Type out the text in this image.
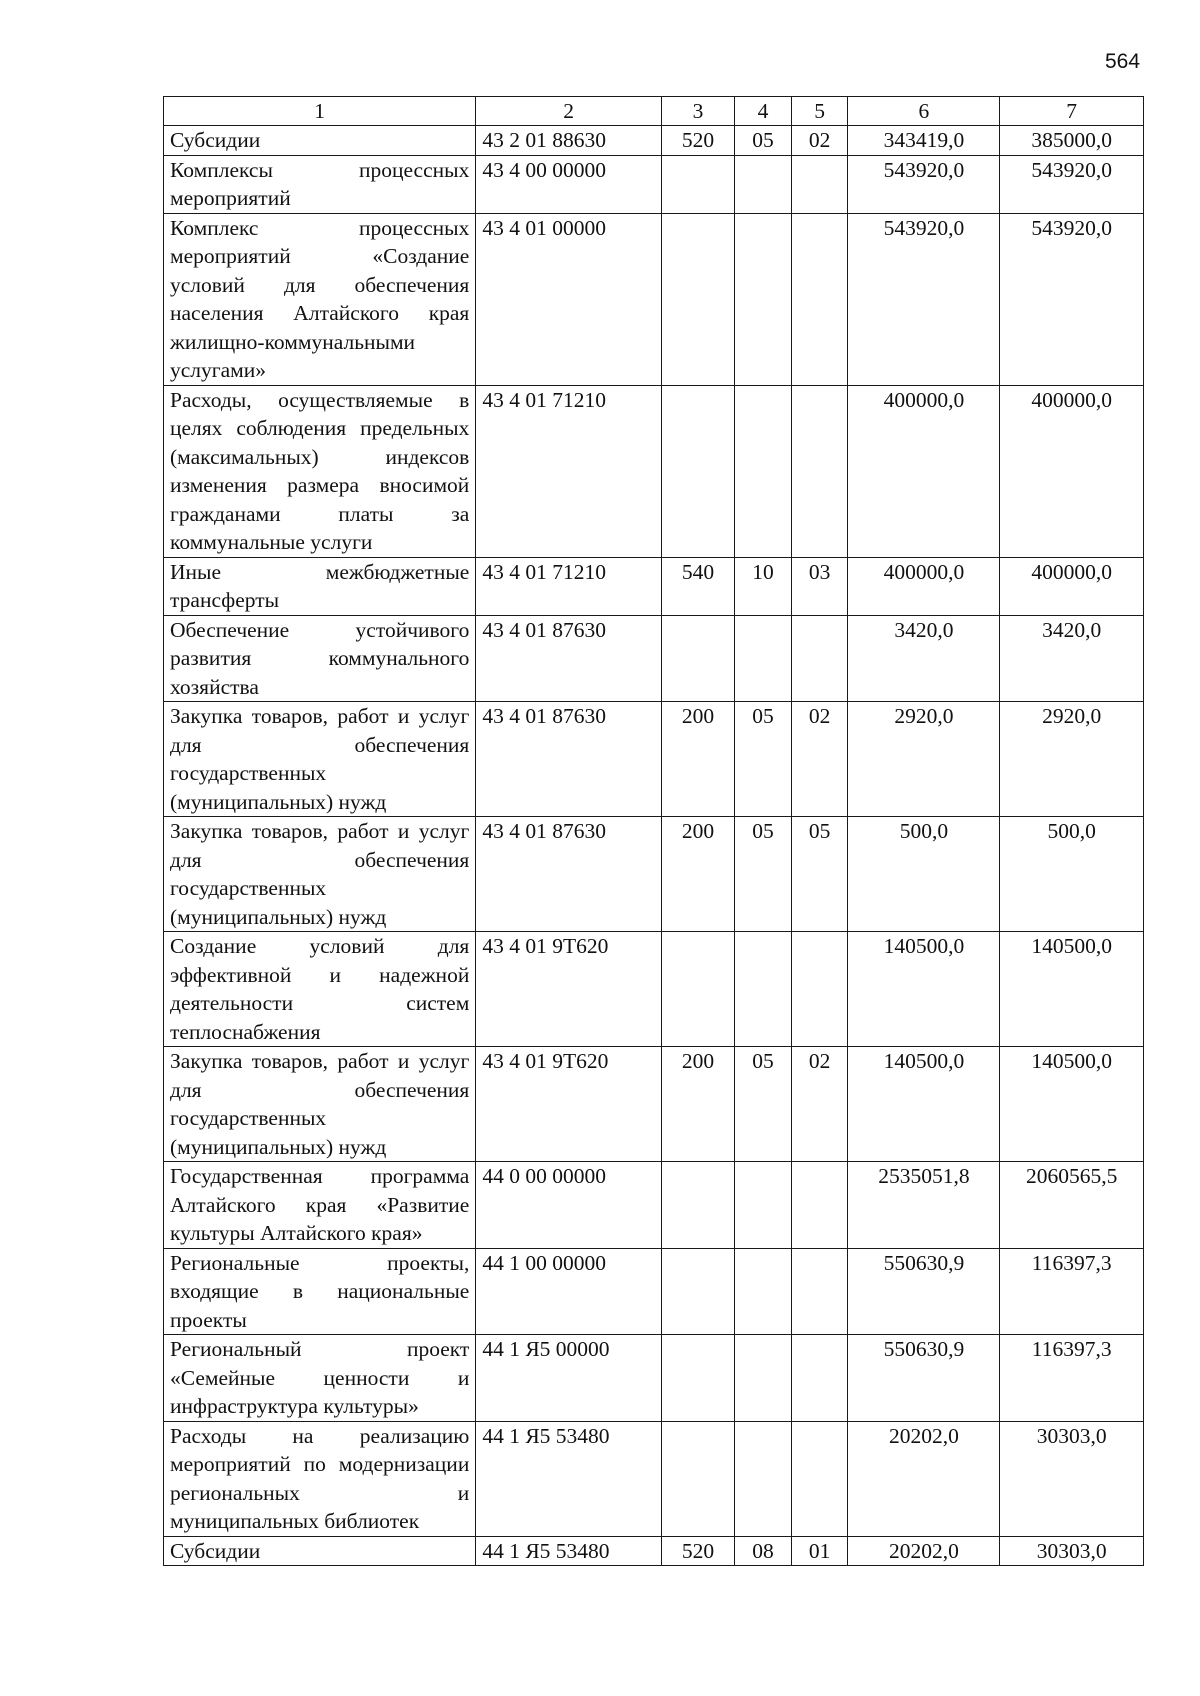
564
1	2	3	4	5	6	7
Субсидии	43 2 01 88630	520	05	02	343419,0	385000,0
Комплексы процессных мероприятий	43 4 00 00000				543920,0	543920,0
Комплекс процессных мероприятий «Создание условий для обеспечения населения Алтайского края жилищно-коммунальными услугами»	43 4 01 00000				543920,0	543920,0
Расходы, осуществляемые в целях соблюдения предельных (максимальных) индексов изменения размера вносимой гражданами платы за коммунальные услуги	43 4 01 71210				400000,0	400000,0
Иные межбюджетные трансферты	43 4 01 71210	540	10	03	400000,0	400000,0
Обеспечение устойчивого развития коммунального хозяйства	43 4 01 87630				3420,0	3420,0
Закупка товаров, работ и услуг для обеспечения государственных (муниципальных) нужд	43 4 01 87630	200	05	02	2920,0	2920,0
Закупка товаров, работ и услуг для обеспечения государственных (муниципальных) нужд	43 4 01 87630	200	05	05	500,0	500,0
Создание условий для эффективной и надежной деятельности систем теплоснабжения	43 4 01 9Т620				140500,0	140500,0
Закупка товаров, работ и услуг для обеспечения государственных (муниципальных) нужд	43 4 01 9Т620	200	05	02	140500,0	140500,0
Государственная программа Алтайского края «Развитие культуры Алтайского края»	44 0 00 00000				2535051,8	2060565,5
Региональные проекты, входящие в национальные проекты	44 1 00 00000				550630,9	116397,3
Региональный проект «Семейные ценности и инфраструктура культуры»	44 1 Я5 00000				550630,9	116397,3
Расходы на реализацию мероприятий по модернизации региональных и муниципальных библиотек	44 1 Я5 53480				20202,0	30303,0
Субсидии	44 1 Я5 53480	520	08	01	20202,0	30303,0
